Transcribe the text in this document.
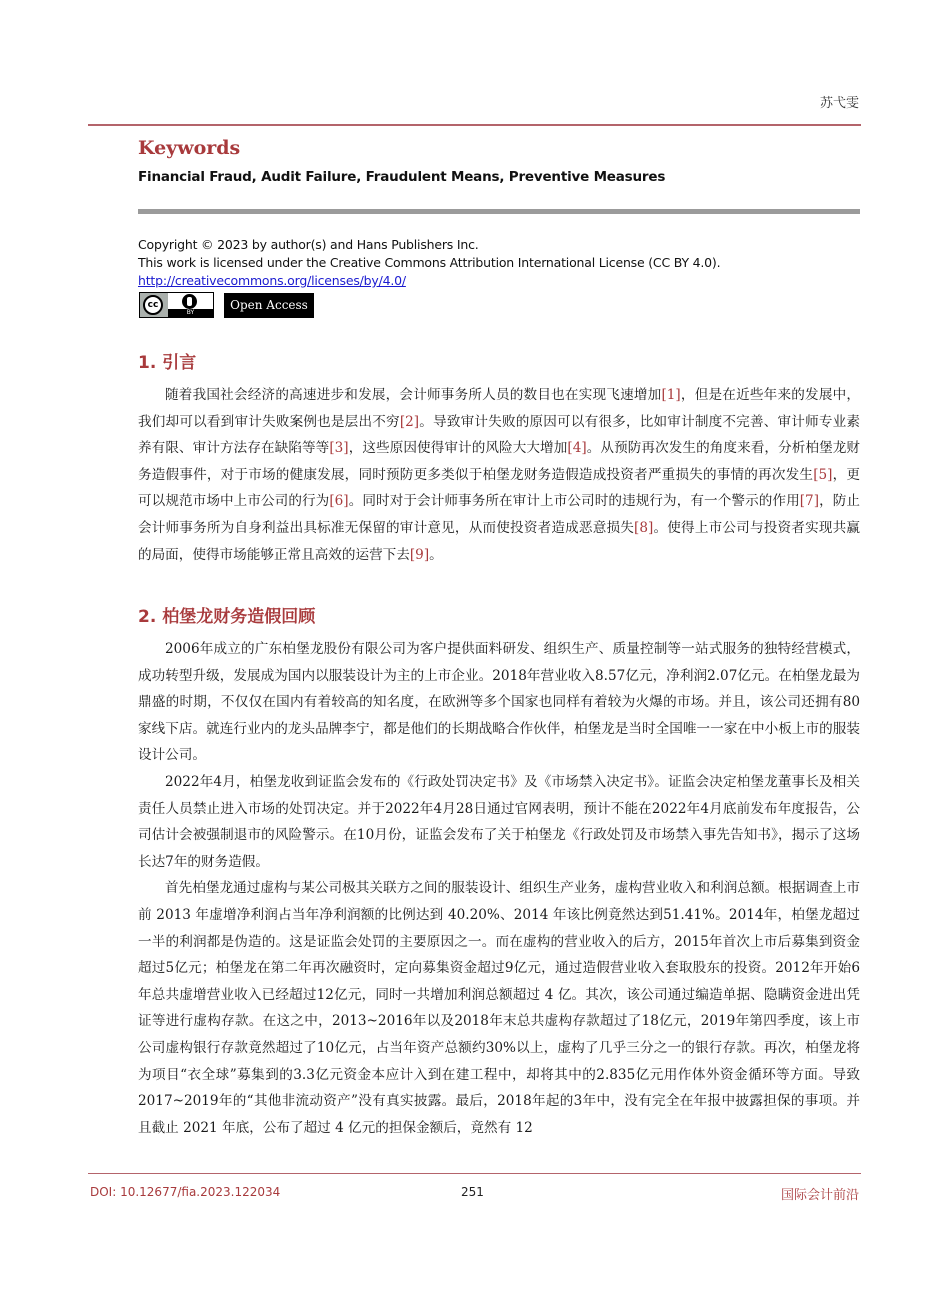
苏弋雯
Keywords
Financial Fraud, Audit Failure, Fraudulent Means, Preventive Measures
Copyright © 2023 by author(s) and Hans Publishers Inc.
This work is licensed under the Creative Commons Attribution International License (CC BY 4.0).
http://creativecommons.org/licenses/by/4.0/
cc
BY
Open Access
1. 引言

随着我国社会经济的高速进步和发展，会计师事务所人员的数目也在实现飞速增加[1]，但是在近些年来的发展中，我们却可以看到审计失败案例也是层出不穷[2]。导致审计失败的原因可以有很多，比如审计制度不完善、审计师专业素养有限、审计方法存在缺陷等等[3]，这些原因使得审计的风险大大增加[4]。从预防再次发生的角度来看，分析柏堡龙财务造假事件，对于市场的健康发展，同时预防更多类似于柏堡龙财务造假造成投资者严重损失的事情的再次发生[5]，更可以规范市场中上市公司的行为[6]。同时对于会计师事务所在审计上市公司时的违规行为，有一个警示的作用[7]，防止会计师事务所为自身利益出具标准无保留的审计意见，从而使投资者造成恶意损失[8]。使得上市公司与投资者实现共赢的局面，使得市场能够正常且高效的运营下去[9]。

2. 柏堡龙财务造假回顾

2006年成立的广东柏堡龙股份有限公司为客户提供面料研发、组织生产、质量控制等一站式服务的独特经营模式，成功转型升级，发展成为国内以服装设计为主的上市企业。2018年营业收入8.57亿元，净利润2.07亿元。在柏堡龙最为鼎盛的时期，不仅仅在国内有着较高的知名度，在欧洲等多个国家也同样有着较为火爆的市场。并且，该公司还拥有80家线下店。就连行业内的龙头品牌李宁，都是他们的长期战略合作伙伴，柏堡龙是当时全国唯一一家在中小板上市的服装设计公司。

2022年4月，柏堡龙收到证监会发布的《行政处罚决定书》及《市场禁入决定书》。证监会决定柏堡龙董事长及相关责任人员禁止进入市场的处罚决定。并于2022年4月28日通过官网表明，预计不能在2022年4月底前发布年度报告，公司估计会被强制退市的风险警示。在10月份，证监会发布了关于柏堡龙《行政处罚及市场禁入事先告知书》，揭示了这场长达7年的财务造假。

首先柏堡龙通过虚构与某公司极其关联方之间的服装设计、组织生产业务，虚构营业收入和利润总额。根据调查上市前 2013 年虚增净利润占当年净利润额的比例达到 40.20%、2014 年该比例竟然达到51.41%。2014年，柏堡龙超过一半的利润都是伪造的。这是证监会处罚的主要原因之一。而在虚构的营业收入的后方，2015年首次上市后募集到资金超过5亿元；柏堡龙在第二年再次融资时，定向募集资金超过9亿元，通过造假营业收入套取股东的投资。2012年开始6年总共虚增营业收入已经超过12亿元，同时一共增加利润总额超过 4 亿。其次，该公司通过编造单据、隐瞒资金进出凭证等进行虚构存款。在这之中，2013~2016年以及2018年末总共虚构存款超过了18亿元，2019年第四季度，该上市公司虚构银行存款竟然超过了10亿元，占当年资产总额约30%以上，虚构了几乎三分之一的银行存款。再次，柏堡龙将为项目“衣全球”募集到的3.3亿元资金本应计入到在建工程中，却将其中的2.835亿元用作体外资金循环等方面。导致2017~2019年的“其他非流动资产”没有真实披露。最后，2018年起的3年中，没有完全在年报中披露担保的事项。并且截止 2021 年底，公布了超过 4 亿元的担保金额后，竟然有 12

DOI: 10.12677/fia.2023.122034	251	国际会计前沿
